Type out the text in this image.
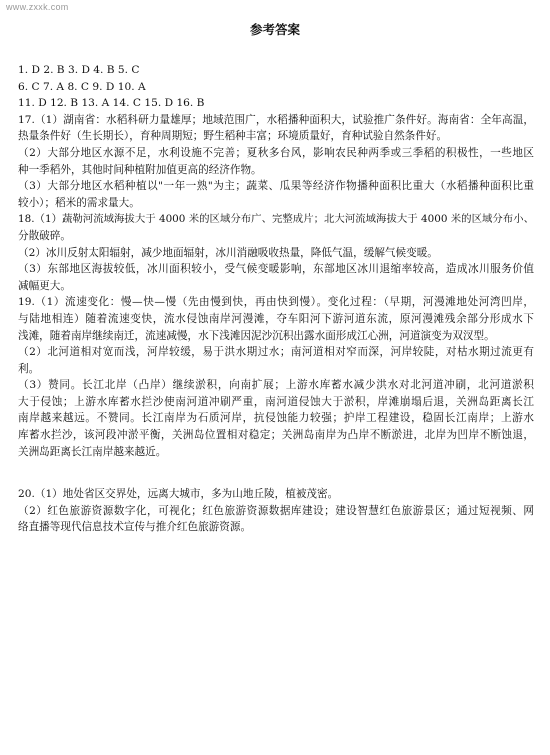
www.zxxk.com
参考答案
1. D 2. B 3. D 4. B 5. C
6. C 7. A 8. C 9. D 10. A
11. D 12. B 13. A 14. C 15. D 16. B
17.（1）湖南省：水稻科研力量雄厚；地域范围广，水稻播种面积大，试验推广条件好。海南省：全年高温，
热量条件好（生长期长），育种周期短；野生稻种丰富；环境质量好，育种试验自然条件好。
（2）大部分地区水源不足，水利设施不完善；夏秋多台风，影响农民种两季或三季稻的积极性，一些地区
种一季稻外，其他时间种植附加值更高的经济作物。
（3）大部分地区水稻种植以"一年一熟"为主；蔬菜、瓜果等经济作物播种面积比重大（水稻播种面积比重
较小）；稻米的需求量大。
18.（1）蔬勒河流域海拔大于 4000 米的区域分布广、完整成片；北大河流域海拔大于 4000 米的区域分布小、
分散破碎。
（2）冰川反射太阳辐射，减少地面辐射，冰川消融吸收热量，降低气温，缓解气候变暖。
（3）东部地区海拔较低，冰川面积较小，受气候变暖影响，东部地区冰川退缩率较高，造成冰川服务价值
减幅更大。
19.（1）流速变化：慢—快—慢（先由慢到快，再由快到慢）。变化过程：（早期，河漫滩地处河湾凹岸，
与陆地相连）随着流速变快，流水侵蚀南岸河漫滩，夺车阳河下游河道东流，原河漫滩残余部分形成水下
浅滩，随着南岸继续南迁，流速减慢，水下浅滩因泥沙沉积出露水面形成江心洲，河道演变为双汊型。
（2）北河道相对宽而浅，河岸较缓，易于洪水期过水；南河道相对窄而深，河岸较陡，对枯水期过流更有
利。
（3）赞同。长江北岸（凸岸）继续淤积，向南扩展；上游水库蓄水减少洪水对北河道冲刷，北河道淤积
大于侵蚀；上游水库蓄水拦沙使南河道冲刷严重，南河道侵蚀大于淤积，岸滩崩塌后退，关洲岛距离长江
南岸越来越远。不赞同。长江南岸为石质河岸，抗侵蚀能力较强；护岸工程建设，稳固长江南岸；上游水
库蓄水拦沙，该河段冲淤平衡，关洲岛位置相对稳定；关洲岛南岸为凸岸不断淤进，北岸为凹岸不断蚀退，
关洲岛距离长江南岸越来越近。
20.（1）地处省区交界处，远离大城市，多为山地丘陵，植被茂密。
（2）红色旅游资源数字化，可视化；红色旅游资源数据库建设；建设智慧红色旅游景区；通过短视频、网
络直播等现代信息技术宣传与推介红色旅游资源。
